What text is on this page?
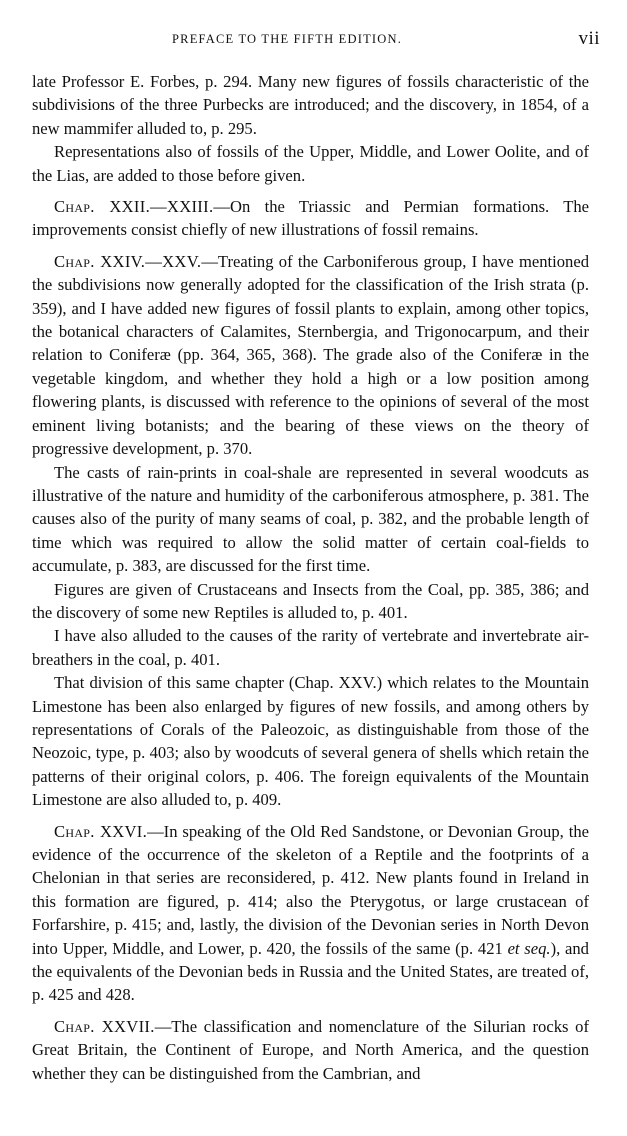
PREFACE TO THE FIFTH EDITION.	vii

late Professor E. Forbes, p. 294. Many new figures of fossils characteristic of the subdivisions of the three Purbecks are introduced; and the discovery, in 1854, of a new mammifer alluded to, p. 295.

Representations also of fossils of the Upper, Middle, and Lower Oolite, and of the Lias, are added to those before given.

Chap. XXII.—XXIII.—On the Triassic and Permian formations. The improvements consist chiefly of new illustrations of fossil remains.

Chap. XXIV.—XXV.—Treating of the Carboniferous group, I have mentioned the subdivisions now generally adopted for the classification of the Irish strata (p. 359), and I have added new figures of fossil plants to explain, among other topics, the botanical characters of Calamites, Sternbergia, and Trigonocarpum, and their relation to Coniferæ (pp. 364, 365, 368). The grade also of the Coniferæ in the vegetable kingdom, and whether they hold a high or a low position among flowering plants, is discussed with reference to the opinions of several of the most eminent living botanists; and the bearing of these views on the theory of progressive development, p. 370.

The casts of rain-prints in coal-shale are represented in several woodcuts as illustrative of the nature and humidity of the carboniferous atmosphere, p. 381. The causes also of the purity of many seams of coal, p. 382, and the probable length of time which was required to allow the solid matter of certain coal-fields to accumulate, p. 383, are discussed for the first time.

Figures are given of Crustaceans and Insects from the Coal, pp. 385, 386; and the discovery of some new Reptiles is alluded to, p. 401.

I have also alluded to the causes of the rarity of vertebrate and invertebrate air-breathers in the coal, p. 401.

That division of this same chapter (Chap. XXV.) which relates to the Mountain Limestone has been also enlarged by figures of new fossils, and among others by representations of Corals of the Paleozoic, as distinguishable from those of the Neozoic, type, p. 403; also by woodcuts of several genera of shells which retain the patterns of their original colors, p. 406. The foreign equivalents of the Mountain Limestone are also alluded to, p. 409.

Chap. XXVI.—In speaking of the Old Red Sandstone, or Devonian Group, the evidence of the occurrence of the skeleton of a Reptile and the footprints of a Chelonian in that series are reconsidered, p. 412. New plants found in Ireland in this formation are figured, p. 414; also the Pterygotus, or large crustacean of Forfarshire, p. 415; and, lastly, the division of the Devonian series in North Devon into Upper, Middle, and Lower, p. 420, the fossils of the same (p. 421 et seq.), and the equivalents of the Devonian beds in Russia and the United States, are treated of, p. 425 and 428.

Chap. XXVII.—The classification and nomenclature of the Silurian rocks of Great Britain, the Continent of Europe, and North America, and the question whether they can be distinguished from the Cambrian, and
